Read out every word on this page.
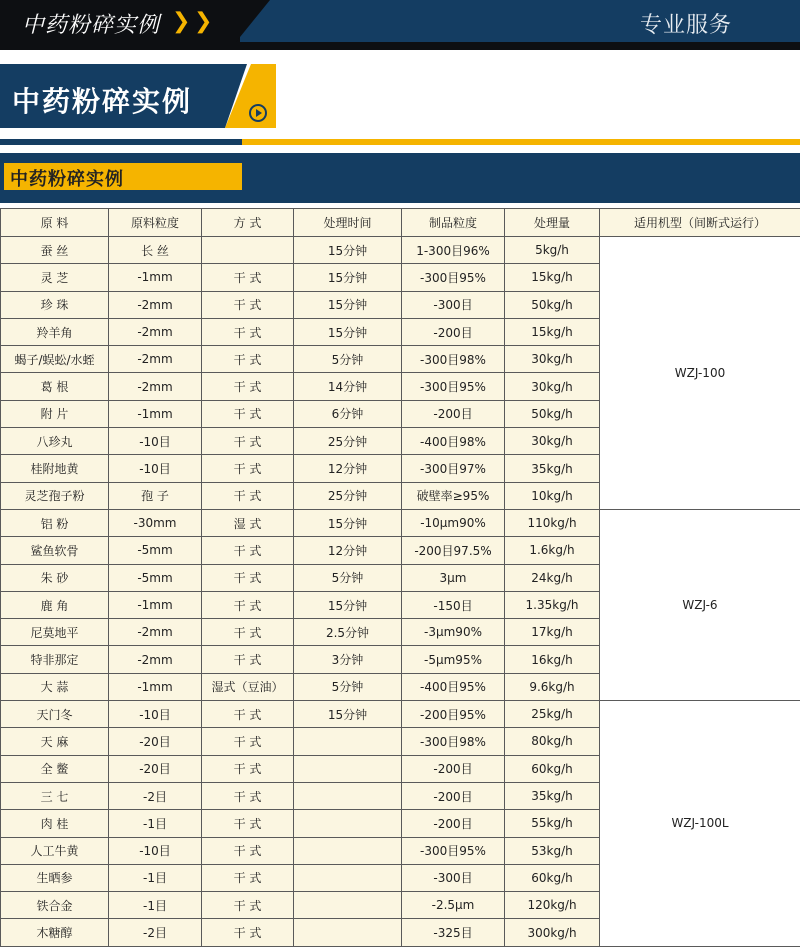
中药粉碎实例 ❯ ❯	专业服务
中药粉碎实例
中药粉碎实例
原 料	原料粒度	方 式	处理时间	制品粒度	处理量	适用机型（间断式运行）
蚕 丝	长 丝		15分钟	1-300目96%	5kg/h	WZJ-100
灵 芝	-1mm	干 式	15分钟	-300目95%	15kg/h	
珍 珠	-2mm	干 式	15分钟	-300目	50kg/h	
羚羊角	-2mm	干 式	15分钟	-200目	15kg/h	
蝎子/蜈蚣/水蛭	-2mm	干 式	5分钟	-300目98%	30kg/h	
葛 根	-2mm	干 式	14分钟	-300目95%	30kg/h	
附 片	-1mm	干 式	6分钟	-200目	50kg/h	
八珍丸	-10目	干 式	25分钟	-400目98%	30kg/h	
桂附地黄	-10目	干 式	12分钟	-300目97%	35kg/h	
灵芝孢子粉	孢 子	干 式	25分钟	破壁率≥95%	10kg/h	
铝 粉	-30mm	湿 式	15分钟	-10μm90%	110kg/h	WZJ-6
鲨鱼软骨	-5mm	干 式	12分钟	-200目97.5%	1.6kg/h	
朱 砂	-5mm	干 式	5分钟	3μm	24kg/h	
鹿 角	-1mm	干 式	15分钟	-150目	1.35kg/h	
尼莫地平	-2mm	干 式	2.5分钟	-3μm90%	17kg/h	
特非那定	-2mm	干 式	3分钟	-5μm95%	16kg/h	
大 蒜	-1mm	湿式（豆油）	5分钟	-400目95%	9.6kg/h	
天门冬	-10目	干 式	15分钟	-200目95%	25kg/h	WZJ-100L
天 麻	-20目	干 式		-300目98%	80kg/h	
全 鳖	-20目	干 式		-200目	60kg/h	
三 七	-2目	干 式		-200目	35kg/h	
肉 桂	-1目	干 式		-200目	55kg/h	
人工牛黄	-10目	干 式		-300目95%	53kg/h	
生晒参	-1目	干 式		-300目	60kg/h	
铁合金	-1目	干 式		-2.5μm	120kg/h	
木糖醇	-2目	干 式		-325目	300kg/h	
